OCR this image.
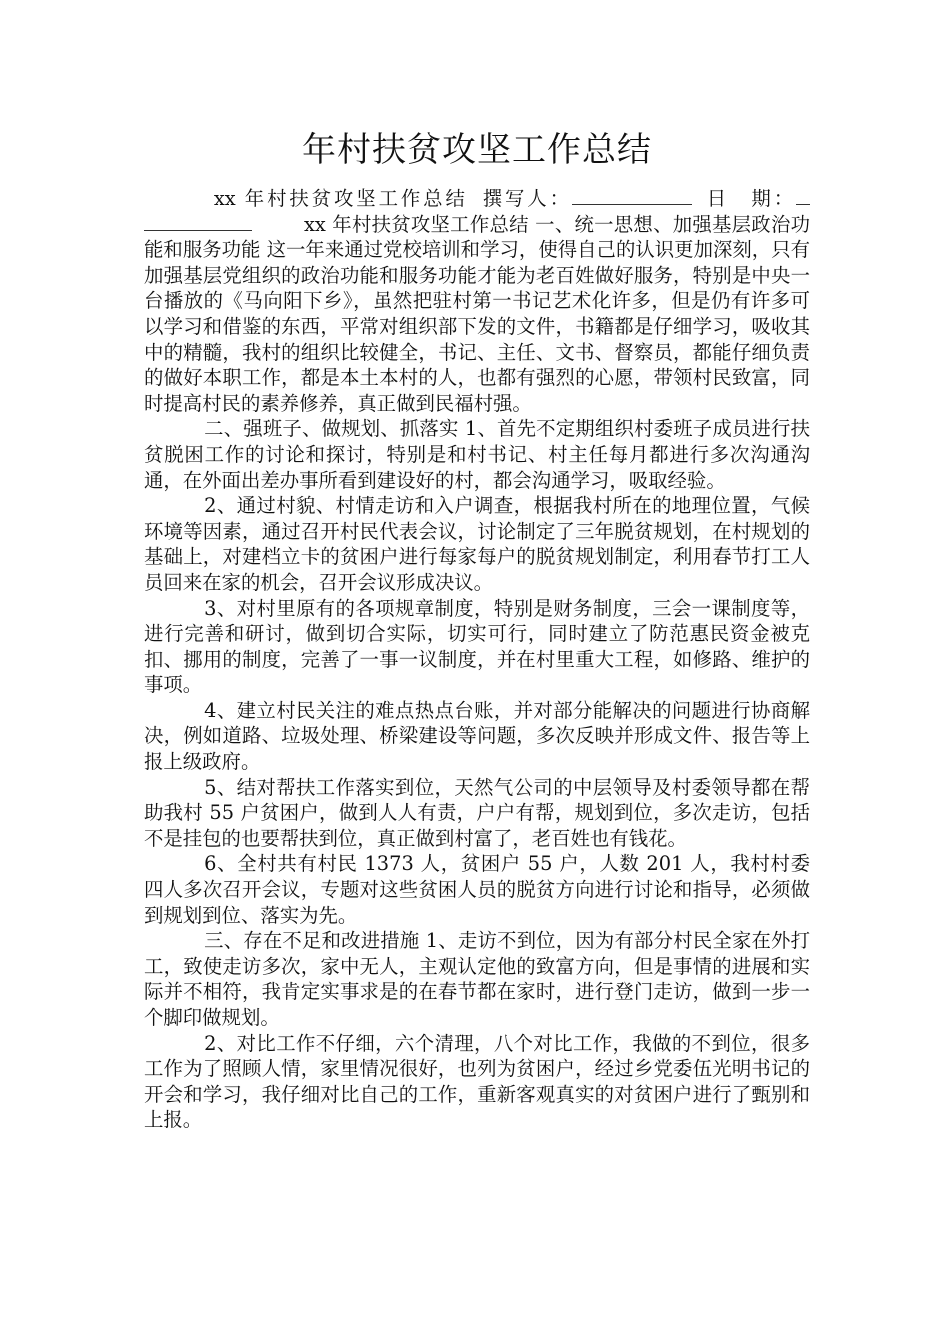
年村扶贫攻坚工作总结

xx 年村扶贫攻坚工作总结 撰写人：	日　期：xx 年村扶贫攻坚工作总结 一、统一思想、加强基层政治功能和服务功能 这一年来通过党校培训和学习，使得自己的认识更加深刻，只有加强基层党组织的政治功能和服务功能才能为老百姓做好服务，特别是中央一台播放的《马向阳下乡》，虽然把驻村第一书记艺术化许多，但是仍有许多可以学习和借鉴的东西，平常对组织部下发的文件，书籍都是仔细学习，吸收其中的精髓，我村的组织比较健全，书记、主任、文书、督察员，都能仔细负责的做好本职工作，都是本土本村的人，也都有强烈的心愿，带领村民致富，同时提高村民的素养修养，真正做到民福村强。

二、强班子、做规划、抓落实 1、首先不定期组织村委班子成员进行扶贫脱困工作的讨论和探讨，特别是和村书记、村主任每月都进行多次沟通沟通，在外面出差办事所看到建设好的村，都会沟通学习，吸取经验。

2、通过村貌、村情走访和入户调查，根据我村所在的地理位置，气候环境等因素，通过召开村民代表会议，讨论制定了三年脱贫规划，在村规划的基础上，对建档立卡的贫困户进行每家每户的脱贫规划制定，利用春节打工人员回来在家的机会，召开会议形成决议。

3、对村里原有的各项规章制度，特别是财务制度，三会一课制度等，进行完善和研讨，做到切合实际，切实可行，同时建立了防范惠民资金被克扣、挪用的制度，完善了一事一议制度，并在村里重大工程，如修路、维护的事项。

4、建立村民关注的难点热点台账，并对部分能解决的问题进行协商解决，例如道路、垃圾处理、桥梁建设等问题，多次反映并形成文件、报告等上报上级政府。

5、结对帮扶工作落实到位，天然气公司的中层领导及村委领导都在帮助我村 55 户贫困户，做到人人有责，户户有帮，规划到位，多次走访，包括不是挂包的也要帮扶到位，真正做到村富了，老百姓也有钱花。

6、全村共有村民 1373 人，贫困户 55 户，人数 201 人，我村村委四人多次召开会议，专题对这些贫困人员的脱贫方向进行讨论和指导，必须做到规划到位、落实为先。

三、存在不足和改进措施 1、走访不到位，因为有部分村民全家在外打工，致使走访多次，家中无人，主观认定他的致富方向，但是事情的进展和实际并不相符，我肯定实事求是的在春节都在家时，进行登门走访，做到一步一个脚印做规划。

2、对比工作不仔细，六个清理，八个对比工作，我做的不到位，很多工作为了照顾人情，家里情况很好，也列为贫困户，经过乡党委伍光明书记的开会和学习，我仔细对比自己的工作，重新客观真实的对贫困户进行了甄别和上报。
